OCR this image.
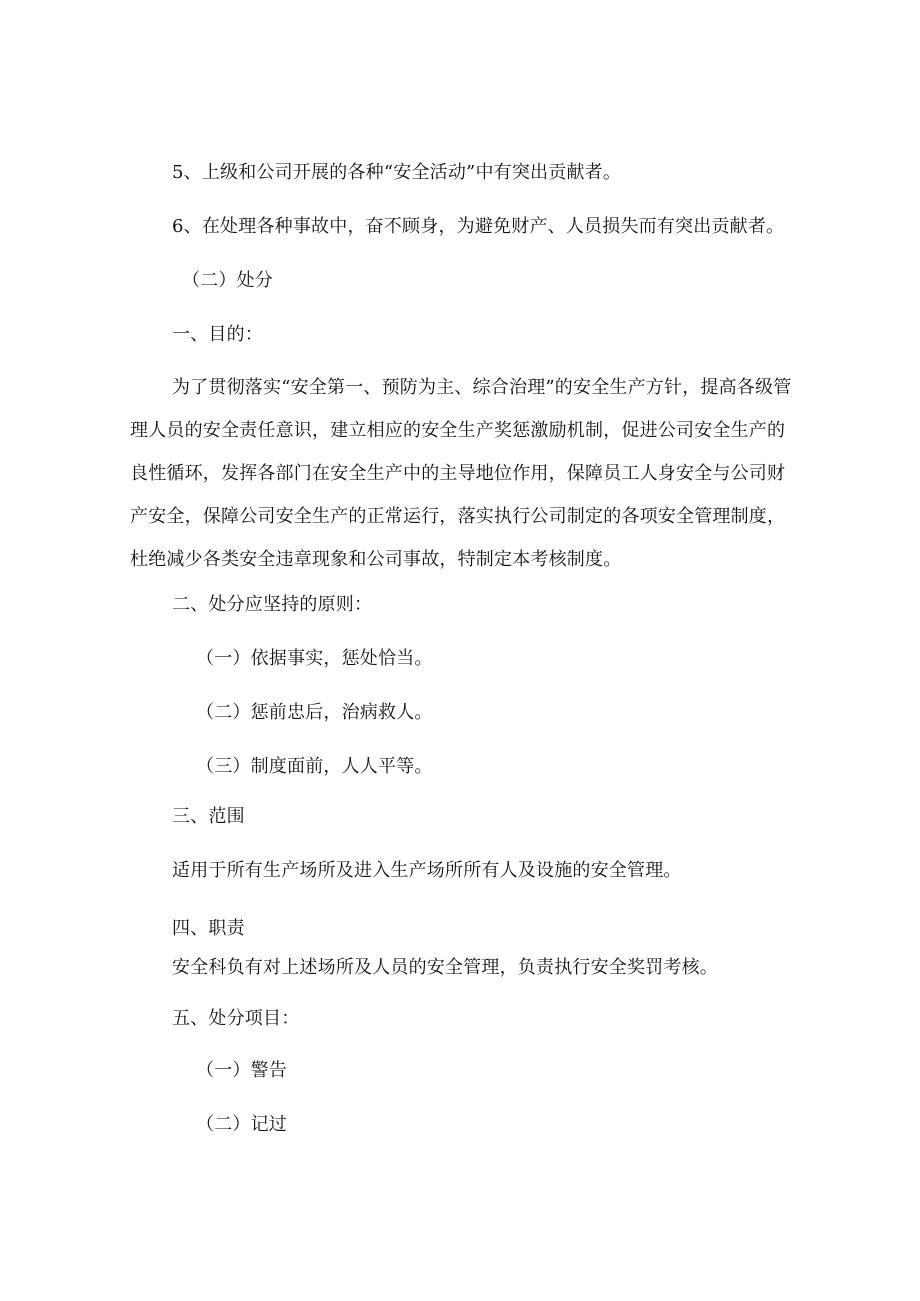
5、上级和公司开展的各种“安全活动”中有突出贡献者。
6、在处理各种事故中，奋不顾身，为避免财产、人员损失而有突出贡献者。
（二）处分
一、目的：
为了贯彻落实“安全第一、预防为主、综合治理”的安全生产方针，提高各级管理人员的安全责任意识，建立相应的安全生产奖惩激励机制，促进公司安全生产的良性循环，发挥各部门在安全生产中的主导地位作用，保障员工人身安全与公司财产安全，保障公司安全生产的正常运行，落实执行公司制定的各项安全管理制度，杜绝减少各类安全违章现象和公司事故，特制定本考核制度。
二、处分应坚持的原则：
（一）依据事实，惩处恰当。
（二）惩前忠后，治病救人。
（三）制度面前，人人平等。
三、范围
适用于所有生产场所及进入生产场所所有人及设施的安全管理。
四、职责
安全科负有对上述场所及人员的安全管理，负责执行安全奖罚考核。
五、处分项目：
（一）警告
（二）记过
